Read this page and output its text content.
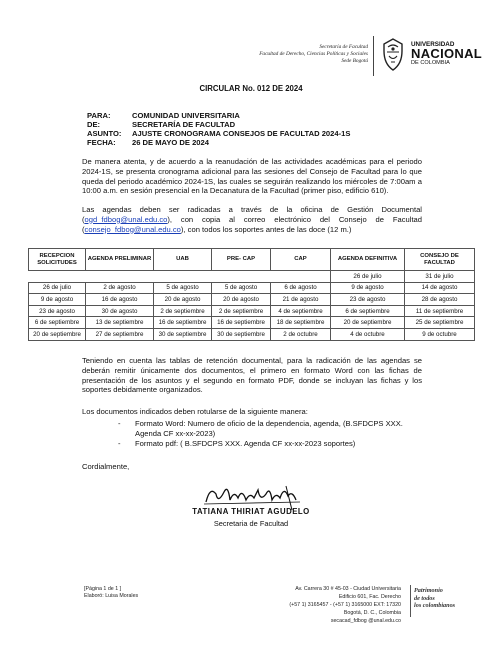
Secretaría de Facultad
Facultad de Derecho, Ciencias Políticas y Sociales
Sede Bogotá
UNIVERSIDAD
NACIONAL
DE COLOMBIA
CIRCULAR No. 012 DE 2024
PARA:	COMUNIDAD UNIVERSITARIA
DE:	SECRETARÍA DE FACULTAD
ASUNTO:	AJUSTE CRONOGRAMA CONSEJOS DE FACULTAD 2024-1S
FECHA:	26 DE MAYO DE 2024
De manera atenta, y de acuerdo a la reanudación de las actividades académicas para el periodo 2024-1S, se presenta cronograma adicional para las sesiones del Consejo de Facultad para lo que queda del periodo académico 2024-1S, las cuales se seguirán realizando los miércoles de 7:00am a 10:00 a.m. en sesión presencial en la Decanatura de la Facultad (primer piso, edificio 610).
Las agendas deben ser radicadas a través de la oficina de Gestión Documental (ogd_fdbog@unal.edu.co), con copia al correo electrónico del Consejo de Facultad (consejo_fdbog@unal.edu.co), con todos los soportes antes de las doce (12 m.)
RECEPCION SOLICITUDES	AGENDA PRELIMINAR	UAB	PRE- CAP	CAP	AGENDA DEFINITIVA	CONSEJO DE FACULTAD
					26 de julio	31 de julio
26 de julio	2 de agosto	5 de agosto	5 de agosto	6 de agosto	9 de agosto	14 de agosto
9 de agosto	16 de agosto	20 de agosto	20 de agosto	21 de agosto	23 de agosto	28 de agosto
23 de agosto	30 de agosto	2 de septiembre	2 de septiembre	4 de septiembre	6 de septiembre	11 de septiembre
6 de septiembre	13 de septiembre	16 de septiembre	16 de septiembre	18 de septiembre	20 de septiembre	25 de septiembre
20 de septiembre	27 de septiembre	30 de septiembre	30 de septiembre	2 de octubre	4 de octubre	9 de octubre
Teniendo en cuenta las tablas de retención documental, para la radicación de las agendas se deberán remitir únicamente dos documentos, el primero en formato Word con las fichas de presentación de los asuntos y el segundo en formato PDF, donde se incluyan las fichas y los soportes debidamente organizados.
Los documentos indicados deben rotularse de la siguiente manera:
-	Formato Word: Numero de oficio de la dependencia, agenda, (B.SFDCPS XXX. Agenda CF xx-xx-2023)
-	Formato pdf: ( B.SFDCPS XXX. Agenda CF xx-xx-2023 soportes)
Cordialmente,
TATIANA THIRIAT AGUDELO
Secretaria de Facultad
[Página 1 de 1 ]
Elaboró: Luisa Morales
Av. Carrera 30 # 45-03 - Ciudad Universitaria
Edificio 601, Fac. Derecho
(+57 1) 3165457 - (+57 1) 3165000 EXT: 17320
Bogotá, D. C., Colombia
secacad_fdbog @unal.edu.co
Patrimonio
de todos
los colombianos
